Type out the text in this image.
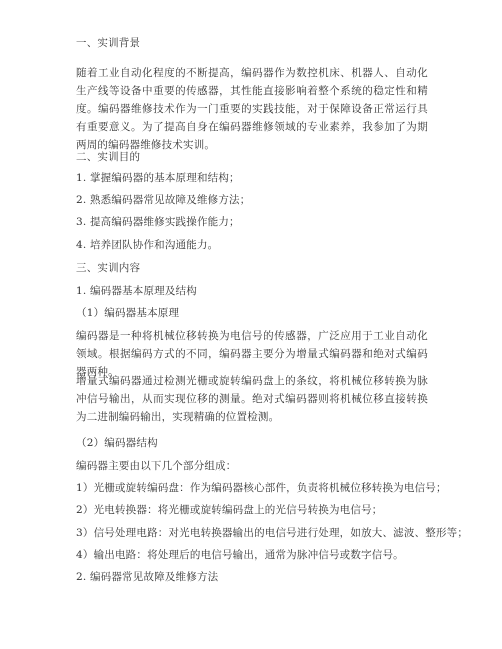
一、实训背景
随着工业自动化程度的不断提高，编码器作为数控机床、机器人、自动化生产线等设备中重要的传感器，其性能直接影响着整个系统的稳定性和精度。编码器维修技术作为一门重要的实践技能，对于保障设备正常运行具有重要意义。为了提高自身在编码器维修领域的专业素养，我参加了为期两周的编码器维修技术实训。
二、实训目的
1. 掌握编码器的基本原理和结构；
2. 熟悉编码器常见故障及维修方法；
3. 提高编码器维修实践操作能力；
4. 培养团队协作和沟通能力。
三、实训内容
1. 编码器基本原理及结构
（1）编码器基本原理
编码器是一种将机械位移转换为电信号的传感器，广泛应用于工业自动化领域。根据编码方式的不同，编码器主要分为增量式编码器和绝对式编码器两种。
增量式编码器通过检测光栅或旋转编码盘上的条纹，将机械位移转换为脉冲信号输出，从而实现位移的测量。绝对式编码器则将机械位移直接转换为二进制编码输出，实现精确的位置检测。
（2）编码器结构
编码器主要由以下几个部分组成：
1）光栅或旋转编码盘：作为编码器核心部件，负责将机械位移转换为电信号；
2）光电转换器：将光栅或旋转编码盘上的光信号转换为电信号；
3）信号处理电路：对光电转换器输出的电信号进行处理，如放大、滤波、整形等；
4）输出电路：将处理后的电信号输出，通常为脉冲信号或数字信号。
2. 编码器常见故障及维修方法
